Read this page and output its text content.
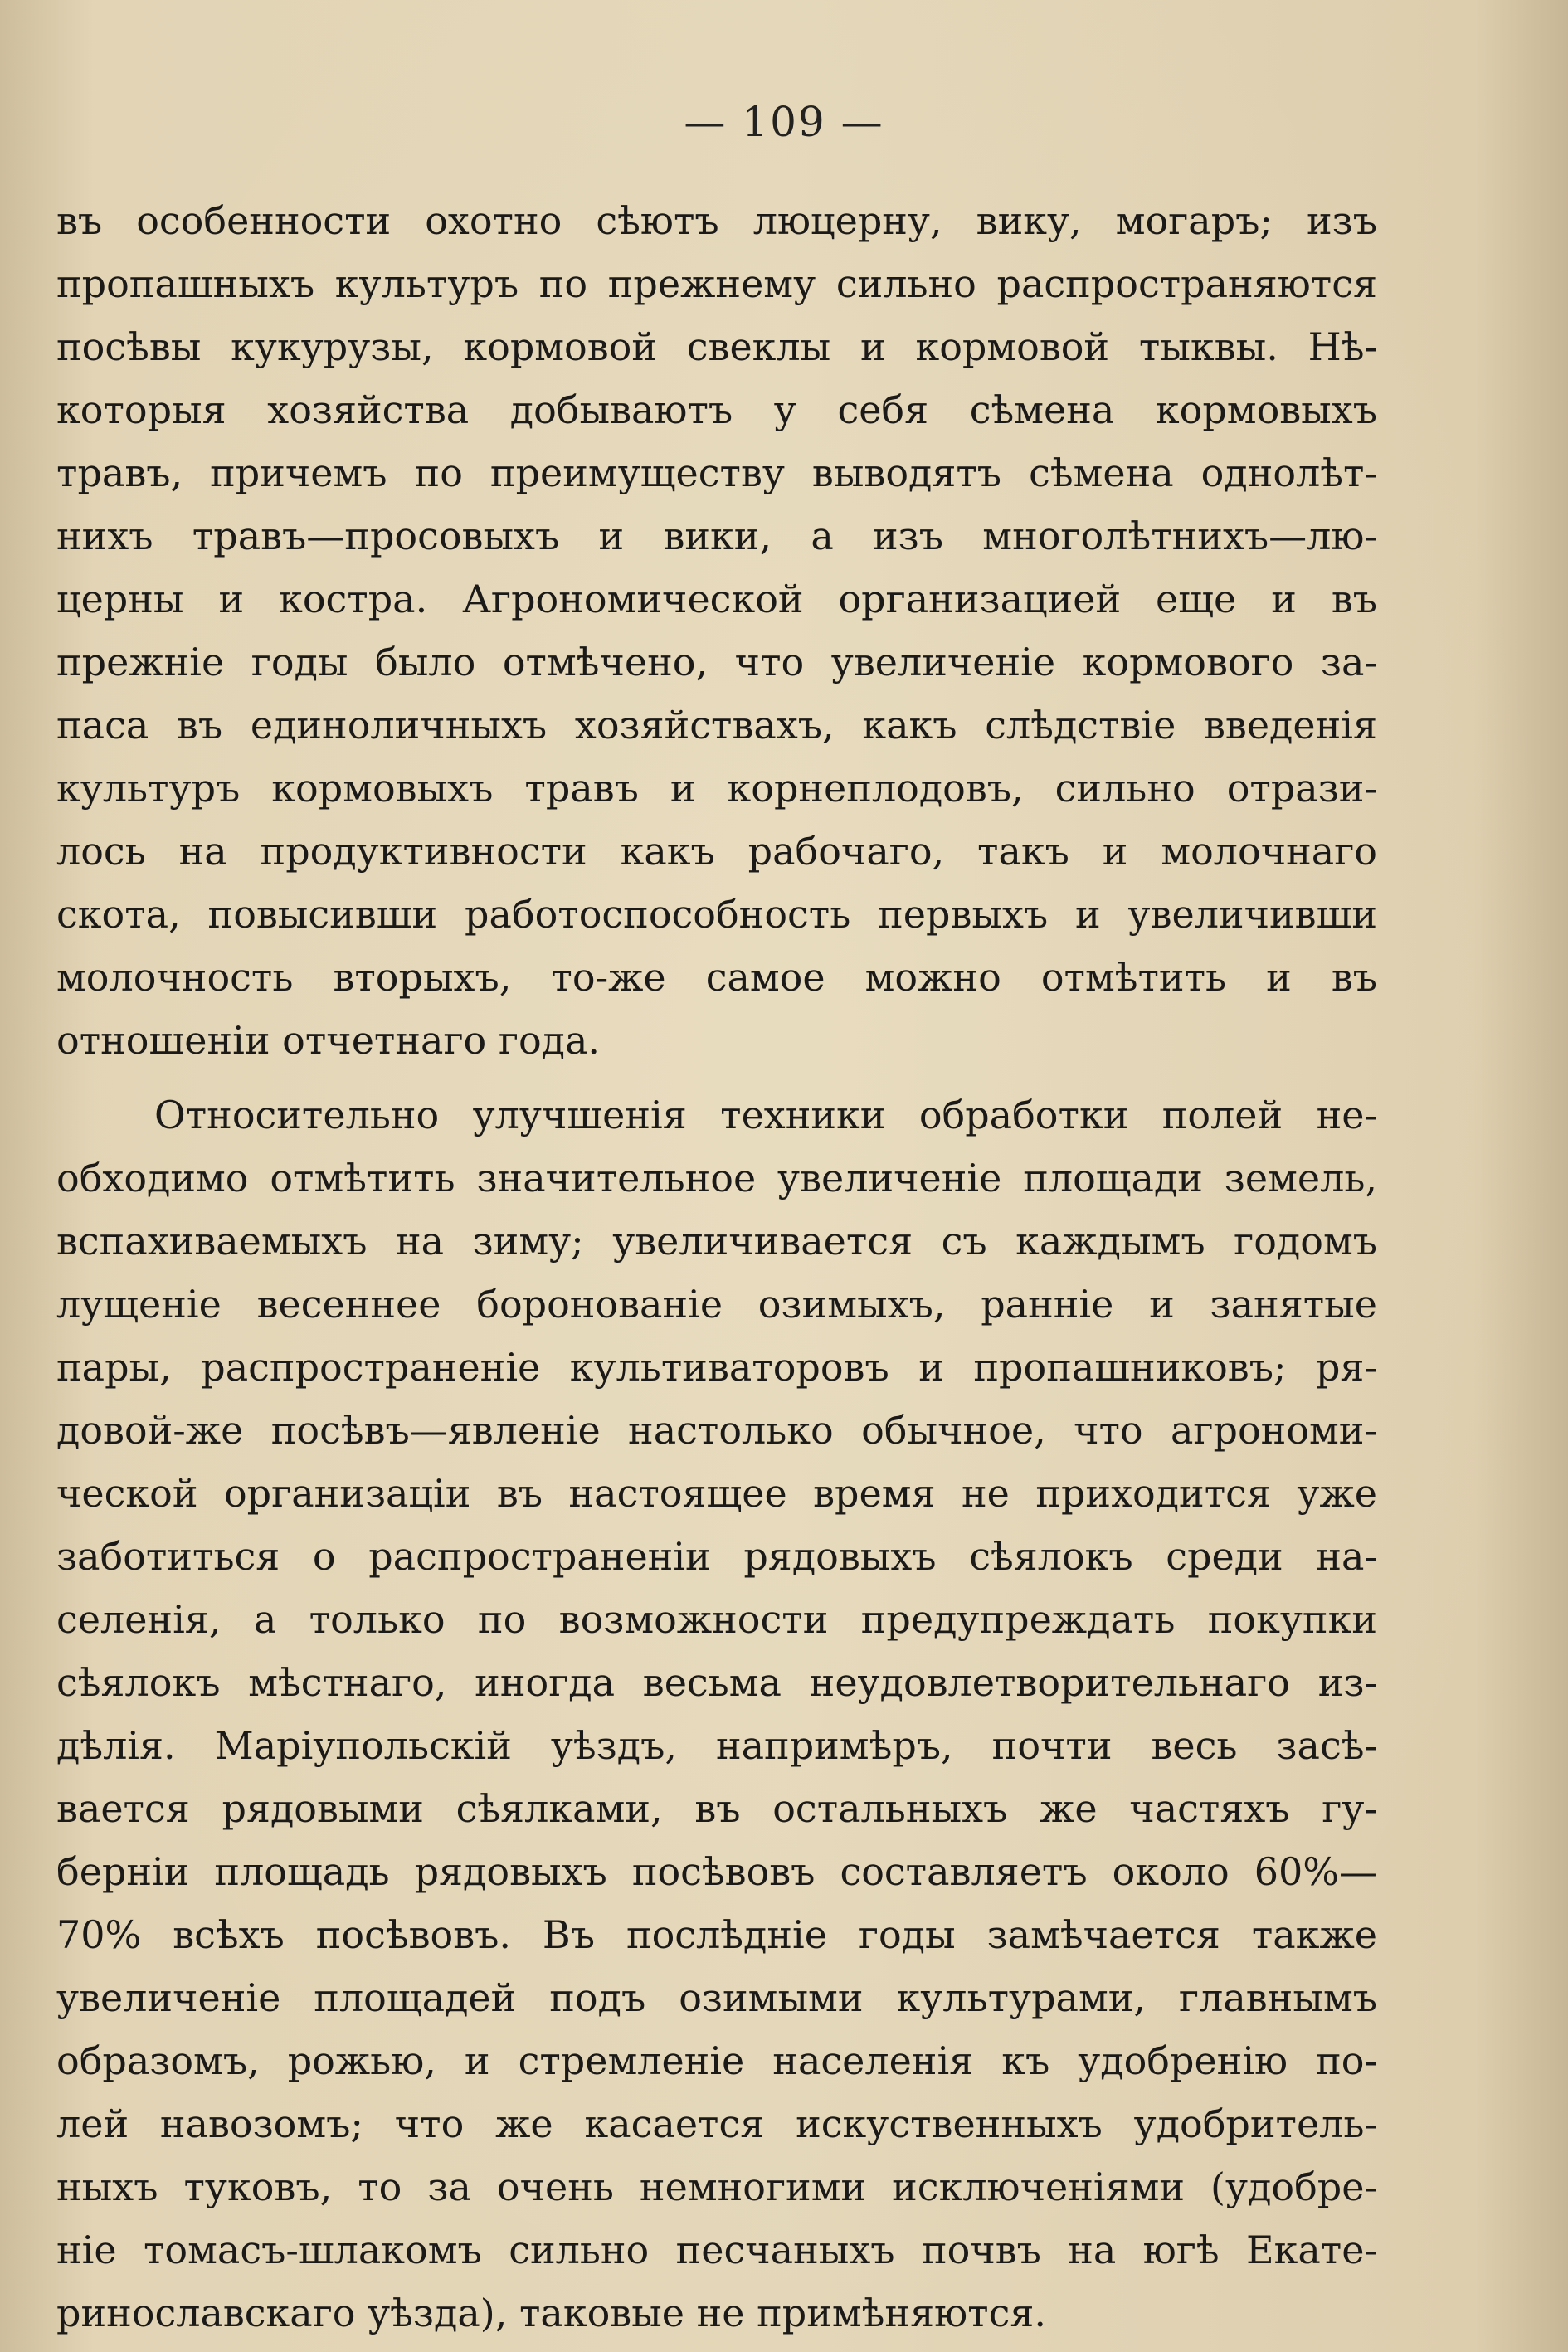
— 109 —
въ особенности охотно сѣютъ люцерну, вику, могаръ; изъ
пропашныхъ культуръ по прежнему сильно распространяются
посѣвы кукурузы, кормовой свеклы и кормовой тыквы. Нѣ-
которыя хозяйства добываютъ у себя сѣмена кормовыхъ
травъ, причемъ по преимуществу выводятъ сѣмена однолѣт-
нихъ травъ—просовыхъ и вики, а изъ многолѣтнихъ—лю-
церны и костра. Агрономической организацией еще и въ
прежніе годы было отмѣчено, что увеличеніе кормового за-
паса въ единоличныхъ хозяйствахъ, какъ слѣдствіе введенія
культуръ кормовыхъ травъ и корнеплодовъ, сильно отрази-
лось на продуктивности какъ рабочаго, такъ и молочнаго
скота, повысивши работоспособность первыхъ и увеличивши
молочность вторыхъ, то-же самое можно отмѣтить и въ
отношеніи отчетнаго года.
Относительно улучшенія техники обработки полей не-
обходимо отмѣтить значительное увеличеніе площади земель,
вспахиваемыхъ на зиму; увеличивается съ каждымъ годомъ
лущеніе весеннее боронованіе озимыхъ, ранніе и занятые
пары, распространеніе культиваторовъ и пропашниковъ; ря-
довой-же посѣвъ—явленіе настолько обычное, что агрономи-
ческой организаціи въ настоящее время не приходится уже
заботиться о распространеніи рядовыхъ сѣялокъ среди на-
селенія, а только по возможности предупреждать покупки
сѣялокъ мѣстнаго, иногда весьма неудовлетворительнаго из-
дѣлія. Маріупольскій уѣздъ, напримѣръ, почти весь засѣ-
вается рядовыми сѣялками, въ остальныхъ же частяхъ гу-
берніи площадь рядовыхъ посѣвовъ составляетъ около 60%—
70% всѣхъ посѣвовъ. Въ послѣдніе годы замѣчается также
увеличеніе площадей подъ озимыми культурами, главнымъ
образомъ, рожью, и стремленіе населенія къ удобренію по-
лей навозомъ; что же касается искуственныхъ удобритель-
ныхъ туковъ, то за очень немногими исключеніями (удобре-
ніе томасъ-шлакомъ сильно песчаныхъ почвъ на югѣ Екате-
ринославскаго уѣзда), таковые не примѣняются.
